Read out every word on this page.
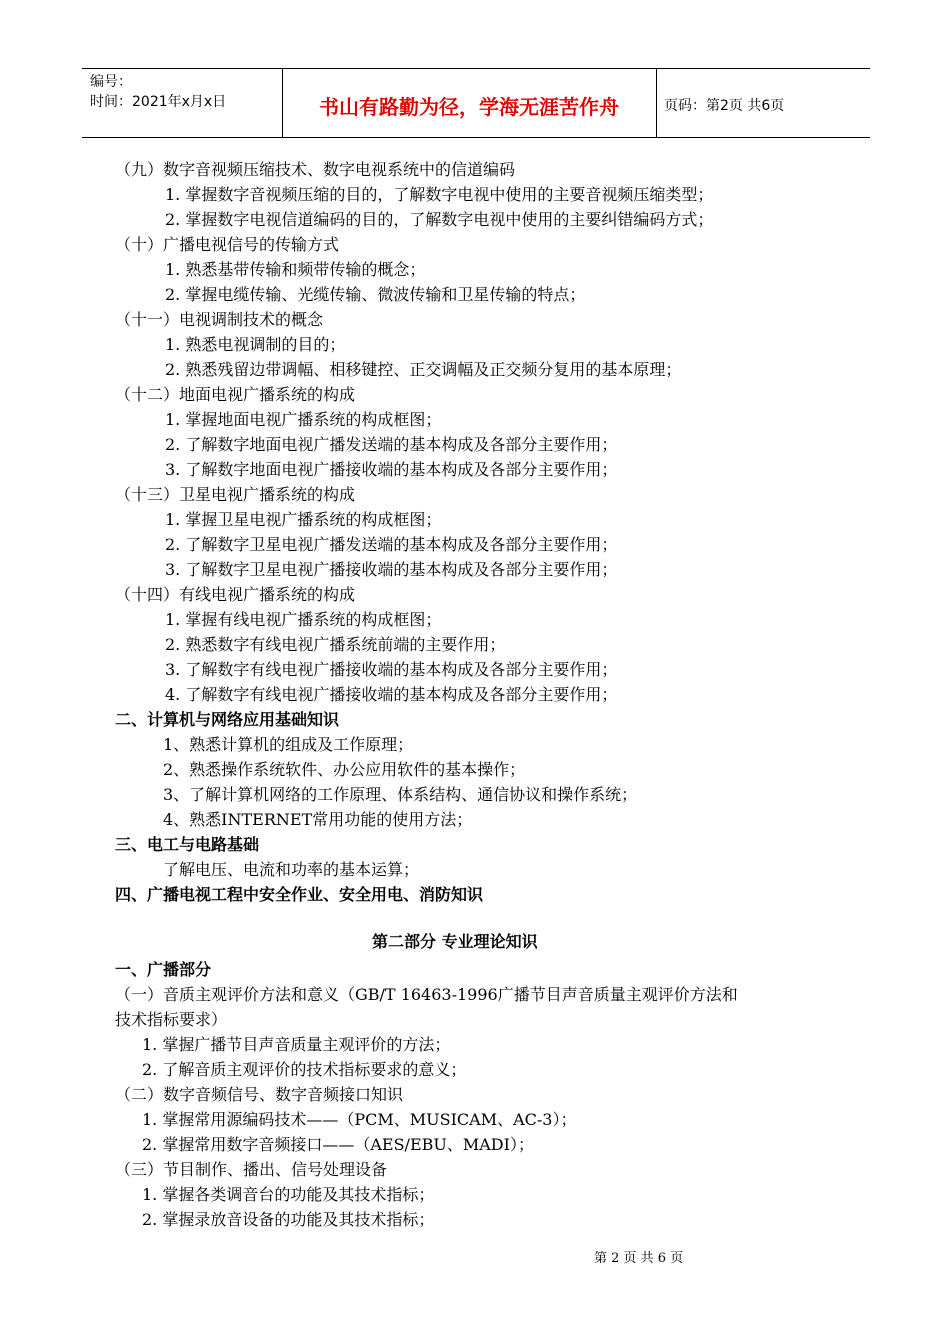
编号：
时间：2021年x月x日	书山有路勤为径，学海无涯苦作舟	页码：第2页 共6页
（九）数字音视频压缩技术、数字电视系统中的信道编码
1. 掌握数字音视频压缩的目的，了解数字电视中使用的主要音视频压缩类型；
2. 掌握数字电视信道编码的目的，了解数字电视中使用的主要纠错编码方式；
（十）广播电视信号的传输方式
1. 熟悉基带传输和频带传输的概念；
2. 掌握电缆传输、光缆传输、微波传输和卫星传输的特点；
（十一）电视调制技术的概念
1. 熟悉电视调制的目的；
2. 熟悉残留边带调幅、相移键控、正交调幅及正交频分复用的基本原理；
（十二）地面电视广播系统的构成
1. 掌握地面电视广播系统的构成框图；
2. 了解数字地面电视广播发送端的基本构成及各部分主要作用；
3. 了解数字地面电视广播接收端的基本构成及各部分主要作用；
（十三）卫星电视广播系统的构成
1. 掌握卫星电视广播系统的构成框图；
2. 了解数字卫星电视广播发送端的基本构成及各部分主要作用；
3. 了解数字卫星电视广播接收端的基本构成及各部分主要作用；
（十四）有线电视广播系统的构成
1. 掌握有线电视广播系统的构成框图；
2. 熟悉数字有线电视广播系统前端的主要作用；
3. 了解数字有线电视广播接收端的基本构成及各部分主要作用；
4. 了解数字有线电视广播接收端的基本构成及各部分主要作用；
二、计算机与网络应用基础知识
1、熟悉计算机的组成及工作原理；
2、熟悉操作系统软件、办公应用软件的基本操作；
3、了解计算机网络的工作原理、体系结构、通信协议和操作系统；
4、熟悉INTERNET常用功能的使用方法；
三、电工与电路基础
了解电压、电流和功率的基本运算；
四、广播电视工程中安全作业、安全用电、消防知识
第二部分 专业理论知识
一、广播部分
（一）音质主观评价方法和意义（GB/T 16463-1996广播节目声音质量主观评价方法和
技术指标要求）
1. 掌握广播节目声音质量主观评价的方法；
2. 了解音质主观评价的技术指标要求的意义；
（二）数字音频信号、数字音频接口知识
1. 掌握常用源编码技术——（PCM、MUSICAM、AC-3）；
2. 掌握常用数字音频接口——（AES/EBU、MADI）；
（三）节目制作、播出、信号处理设备
1. 掌握各类调音台的功能及其技术指标；
2. 掌握录放音设备的功能及其技术指标；
第 2 页 共 6 页
